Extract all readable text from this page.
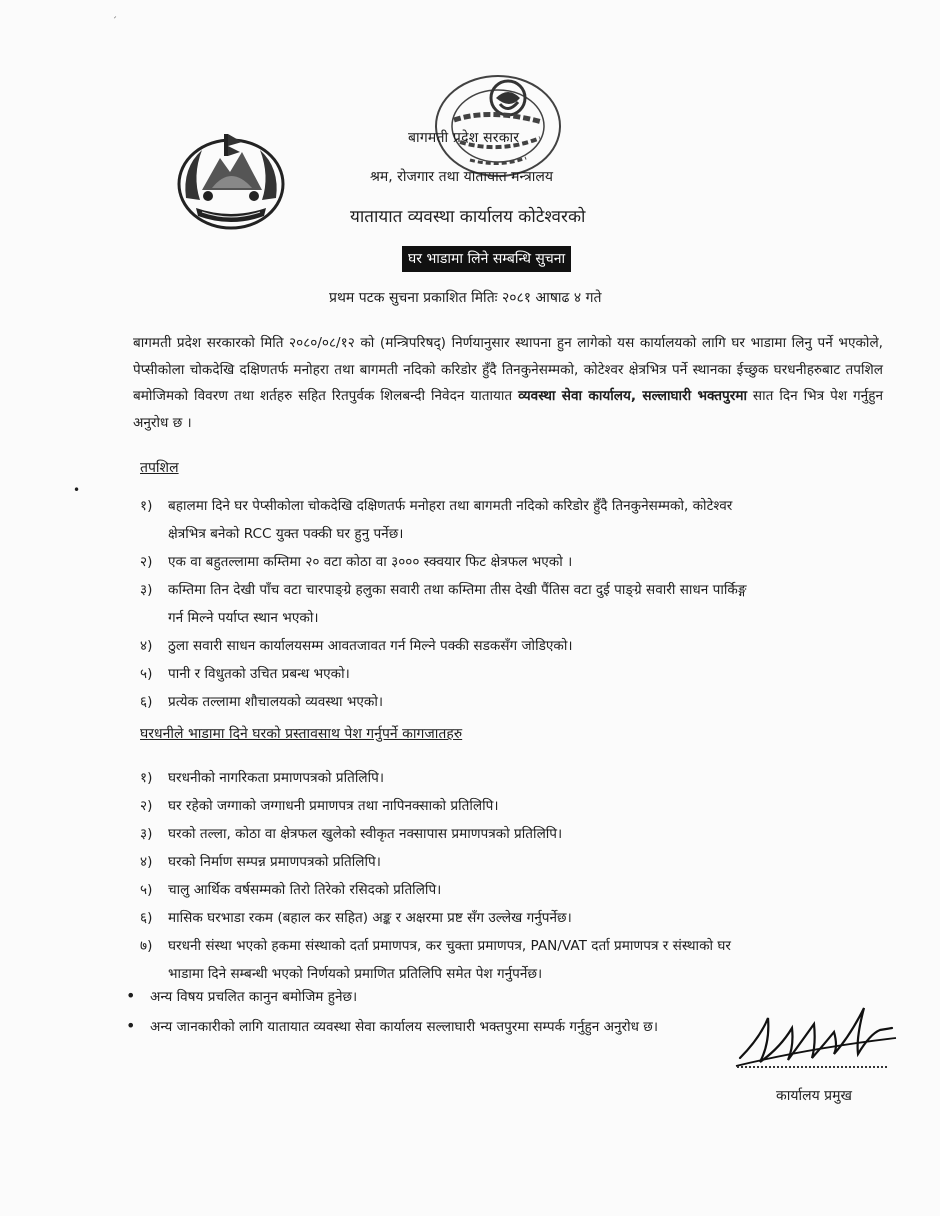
׳
बागमती प्रदेश सरकार
श्रम, रोजगार तथा यातायात मन्त्रालय
यातायात व्यवस्था कार्यालय कोटेश्वरको
घर भाडामा लिने सम्बन्धि सुचना
प्रथम पटक सुचना प्रकाशित मितिः २०८१ आषाढ ४ गते
बागमती प्रदेश सरकारको मिति २०८०/०८/१२ को (मन्त्रिपरिषद्) निर्णयानुसार स्थापना हुन लागेको यस कार्यालयको लागि घर भाडामा लिनु पर्ने भएकोले, पेप्सीकोला चोकदेखि दक्षिणतर्फ मनोहरा तथा बागमती नदिको करिडोर हुँदै तिनकुनेसम्मको, कोटेश्वर क्षेत्रभित्र पर्ने स्थानका ईच्छुक घरधनीहरुबाट तपशिल बमोजिमको विवरण तथा शर्तहरु सहित रितपुर्वक शिलबन्दी निवेदन यातायात व्यवस्था सेवा कार्यालय, सल्लाघारी भक्तपुरमा सात दिन भित्र पेश गर्नुहुन अनुरोध छ ।
•
तपशिल
१) बहालमा दिने घर पेप्सीकोला चोकदेखि दक्षिणतर्फ मनोहरा तथा बागमती नदिको करिडोर हुँदै तिनकुनेसम्मको, कोटेश्वर
क्षेत्रभित्र बनेको RCC युक्त पक्की घर हुनु पर्नेछ।
२) एक वा बहुतल्लामा कम्तिमा २० वटा कोठा वा ३००० स्क्वयार फिट क्षेत्रफल भएको ।
३) कम्तिमा तिन देखी पाँच वटा चारपाङ्ग्रे हलुका सवारी तथा कम्तिमा तीस देखी पैंतिस वटा दुई पाङ्ग्रे सवारी साधन पार्किङ्ग
गर्न मिल्ने पर्याप्त स्थान भएको।
४) ठुला सवारी साधन कार्यालयसम्म आवतजावत गर्न मिल्ने पक्की सडकसँग जोडिएको।
५) पानी र विधुतको उचित प्रबन्ध भएको।
६) प्रत्येक तल्लामा शौचालयको व्यवस्था भएको।
घरधनीले भाडामा दिने घरको प्रस्तावसाथ पेश गर्नुपर्ने कागजातहरु
१) घरधनीको नागरिकता प्रमाणपत्रको प्रतिलिपि।
२) घर रहेको जग्गाको जग्गाधनी प्रमाणपत्र तथा नापिनक्साको प्रतिलिपि।
३) घरको तल्ला, कोठा वा क्षेत्रफल खुलेको स्वीकृत नक्सापास प्रमाणपत्रको प्रतिलिपि।
४) घरको निर्माण सम्पन्न प्रमाणपत्रको प्रतिलिपि।
५) चालु आर्थिक वर्षसम्मको तिरो तिरेको रसिदको प्रतिलिपि।
६) मासिक घरभाडा रकम (बहाल कर सहित) अङ्क र अक्षरमा प्रष्ट सँग उल्लेख गर्नुपर्नेछ।
७) घरधनी संस्था भएको हकमा संस्थाको दर्ता प्रमाणपत्र, कर चुक्ता प्रमाणपत्र, PAN/VAT दर्ता प्रमाणपत्र र संस्थाको घर
भाडामा दिने सम्बन्धी भएको निर्णयको प्रमाणित प्रतिलिपि समेत पेश गर्नुपर्नेछ।
• अन्य विषय प्रचलित कानुन बमोजिम हुनेछ।
• अन्य जानकारीको लागि यातायात व्यवस्था सेवा कार्यालय सल्लाघारी भक्तपुरमा सम्पर्क गर्नुहुन अनुरोध छ।
कार्यालय प्रमुख
